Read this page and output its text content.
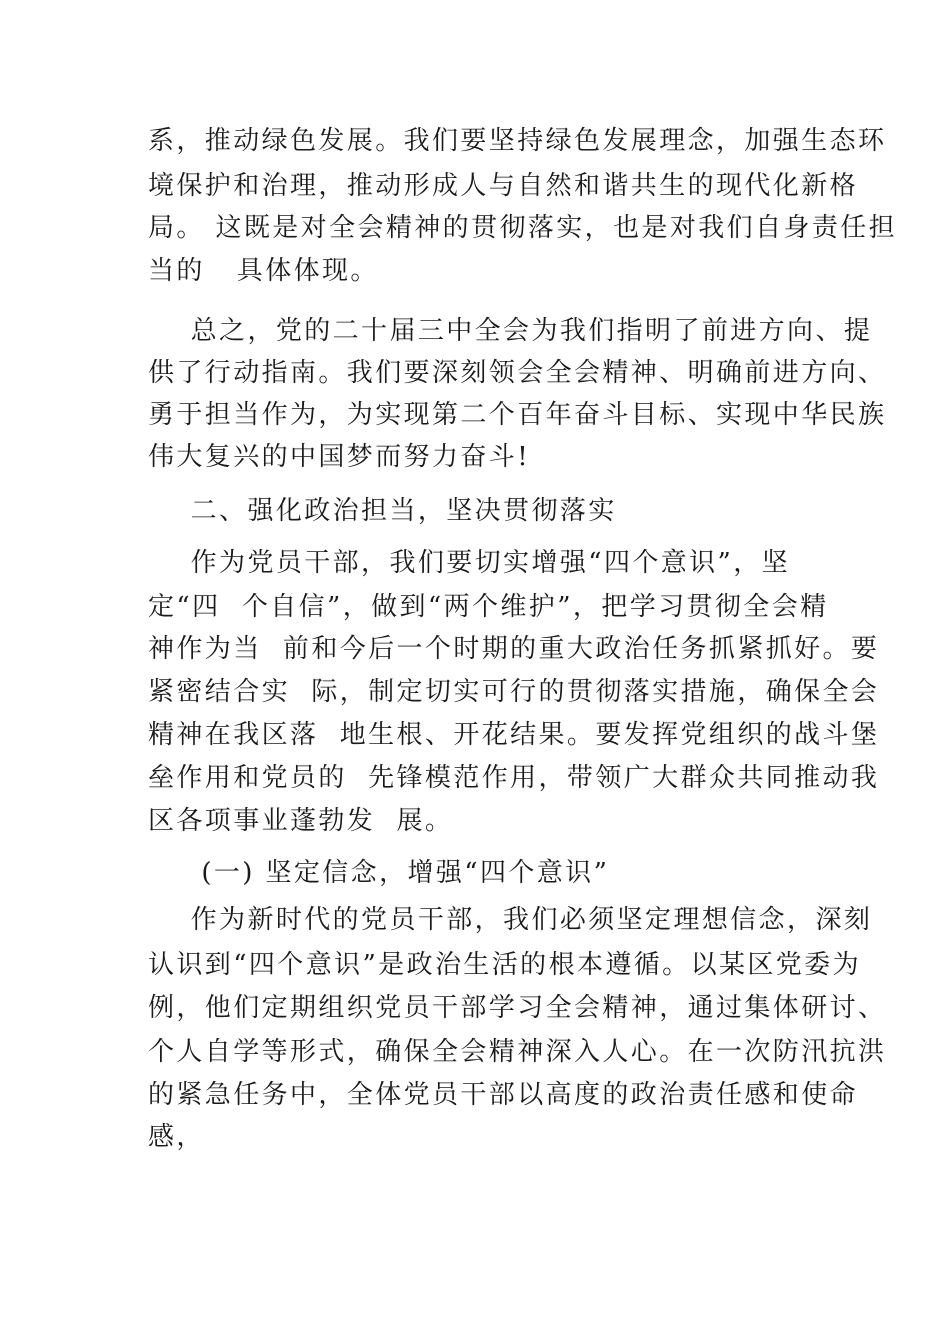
系，推动绿色发展。我们要坚持绿色发展理念，加强生态环
境保护和治理，推动形成人与自然和谐共生的现代化新格
局。 这既是对全会精神的贯彻落实，也是对我们自身责任担
当的   具体体现。
总之，党的二十届三中全会为我们指明了前进方向、提
供了行动指南。我们要深刻领会全会精神、明确前进方向、
勇于担当作为，为实现第二个百年奋斗目标、实现中华民族
伟大复兴的中国梦而努力奋斗!
二、强化政治担当，坚决贯彻落实
作为党员干部，我们要切实增强“四个意识”，坚
定“四  个自信”，做到“两个维护”，把学习贯彻全会精
神作为当  前和今后一个时期的重大政治任务抓紧抓好。要
紧密结合实  际，制定切实可行的贯彻落实措施，确保全会
精神在我区落  地生根、开花结果。要发挥党组织的战斗堡
垒作用和党员的  先锋模范作用，带领广大群众共同推动我
区各项事业蓬勃发  展。
(一) 坚定信念，增强“四个意识”
作为新时代的党员干部，我们必须坚定理想信念，深刻
认识到“四个意识”是政治生活的根本遵循。以某区党委为
例，他们定期组织党员干部学习全会精神，通过集体研讨、
个人自学等形式，确保全会精神深入人心。在一次防汛抗洪
的紧急任务中，全体党员干部以高度的政治责任感和使命
感，
